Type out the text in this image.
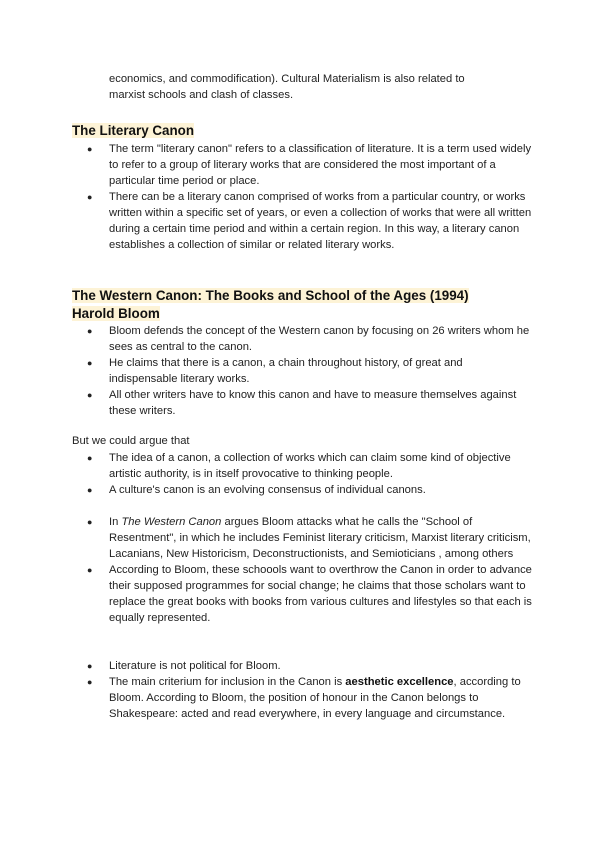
economics, and commodification). Cultural Materialism is also related to
marxist schools and clash of classes.
The Literary Canon
● The term "literary canon" refers to a classification of literature. It is a term used widely to refer to a group of literary works that are considered the most important of a particular time period or place.
● There can be a literary canon comprised of works from a particular country, or works written within a specific set of years, or even a collection of works that were all written during a certain time period and within a certain region. In this way, a literary canon establishes a collection of similar or related literary works.
The Western Canon: The Books and School of the Ages (1994)
Harold Bloom
● Bloom defends the concept of the Western canon by focusing on 26 writers whom he sees as central to the canon.
● He claims that there is a canon, a chain throughout history, of great and indispensable literary works.
● All other writers have to know this canon and have to measure themselves against these writers.
But we could argue that
● The idea of a canon, a collection of works which can claim some kind of objective artistic authority, is in itself provocative to thinking people.
● A culture's canon is an evolving consensus of individual canons.
● In The Western Canon argues Bloom attacks what he calls the "School of Resentment", in which he includes Feminist literary criticism, Marxist literary criticism, Lacanians, New Historicism, Deconstructionists, and Semioticians , among others
● According to Bloom, these schoools want to overthrow the Canon in order to advance their supposed programmes for social change; he claims that those scholars want to replace the great books with books from various cultures and lifestyles so that each is equally represented.
● Literature is not political for Bloom.
● The main criterium for inclusion in the Canon is aesthetic excellence, according to Bloom. According to Bloom, the position of honour in the Canon belongs to Shakespeare: acted and read everywhere, in every language and circumstance.
